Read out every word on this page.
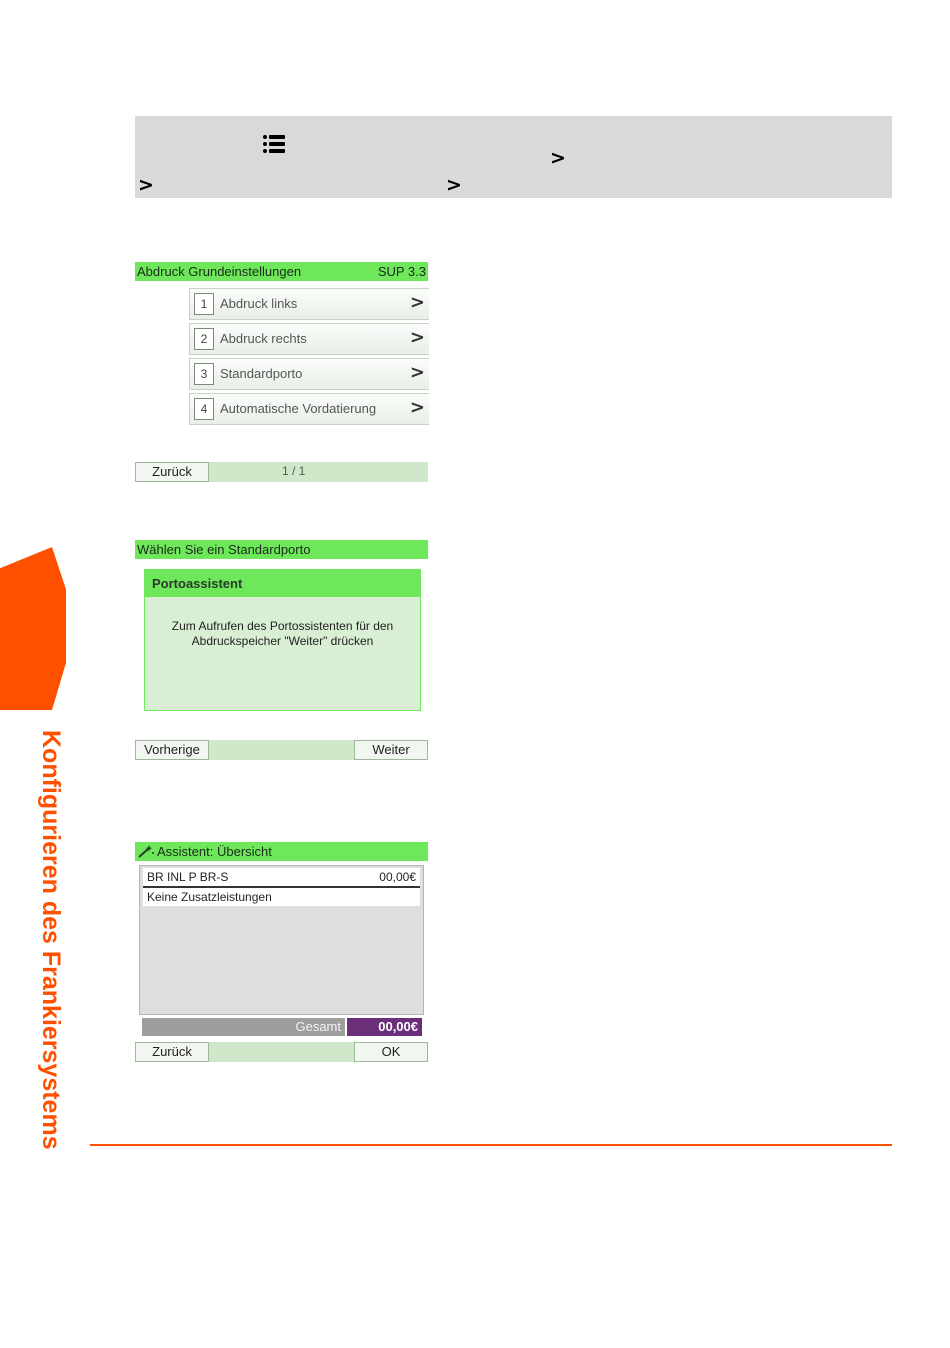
>
>	>
Abdruck Grundeinstellungen	SUP 3.3
1 Abdruck links	>
2 Abdruck rechts	>
3 Standardporto	>
4 Automatische Vordatierung >
Zurück	1 / 1
Wählen Sie ein Standardporto
Portoassistent
Zum Aufrufen des Portossistenten für den Abdruckspeicher "Weiter" drücken
Vorherige	Weiter
Assistent: Übersicht
BR INL P BR-S	00,00€
Keine Zusatzleistungen
Gesamt	00,00€
Zurück	OK
Konfigurieren des Frankiersystems
